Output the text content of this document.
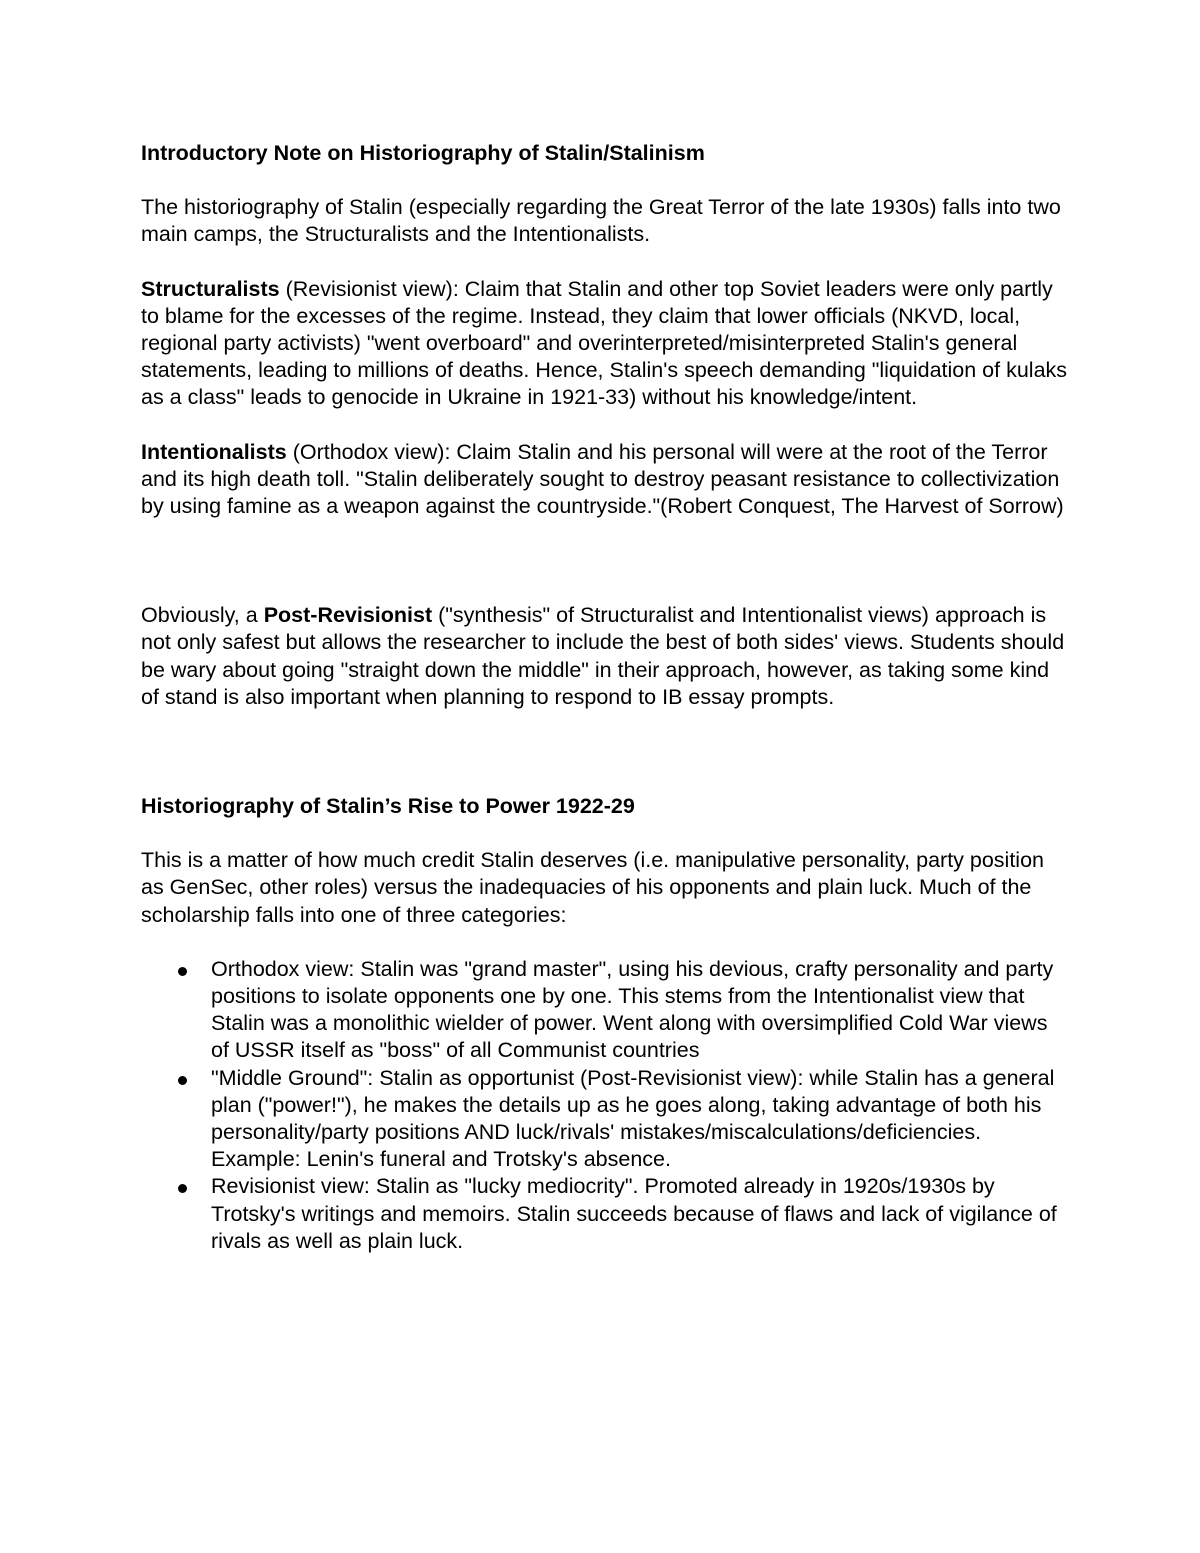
Introductory Note on Historiography of Stalin/Stalinism

The historiography of Stalin (especially regarding the Great Terror of the late 1930s) falls into two main camps, the Structuralists and the Intentionalists.

Structuralists (Revisionist view): Claim that Stalin and other top Soviet leaders were only partly to blame for the excesses of the regime. Instead, they claim that lower officials (NKVD, local, regional party activists) "went overboard" and overinterpreted/misinterpreted Stalin's general statements, leading to millions of deaths. Hence, Stalin's speech demanding "liquidation of kulaks as a class" leads to genocide in Ukraine in 1921-33) without his knowledge/intent.

Intentionalists (Orthodox view): Claim Stalin and his personal will were at the root of the Terror and its high death toll. "Stalin deliberately sought to destroy peasant resistance to collectivization by using famine as a weapon against the countryside."(Robert Conquest, The Harvest of Sorrow)

Obviously, a Post-Revisionist ("synthesis" of Structuralist and Intentionalist views) approach is not only safest but allows the researcher to include the best of both sides' views. Students should be wary about going "straight down the middle" in their approach, however, as taking some kind of stand is also important when planning to respond to IB essay prompts.

Historiography of Stalin’s Rise to Power 1922-29

This is a matter of how much credit Stalin deserves (i.e. manipulative personality, party position as GenSec, other roles) versus the inadequacies of his opponents and plain luck. Much of the scholarship falls into one of three categories:

Orthodox view: Stalin was "grand master", using his devious, crafty personality and party positions to isolate opponents one by one. This stems from the Intentionalist view that Stalin was a monolithic wielder of power. Went along with oversimplified Cold War views of USSR itself as "boss" of all Communist countries
"Middle Ground": Stalin as opportunist (Post-Revisionist view): while Stalin has a general plan ("power!"), he makes the details up as he goes along, taking advantage of both his personality/party positions AND luck/rivals' mistakes/miscalculations/deficiencies. Example: Lenin's funeral and Trotsky's absence.
Revisionist view: Stalin as "lucky mediocrity". Promoted already in 1920s/1930s by Trotsky's writings and memoirs. Stalin succeeds because of flaws and lack of vigilance of rivals as well as plain luck.
